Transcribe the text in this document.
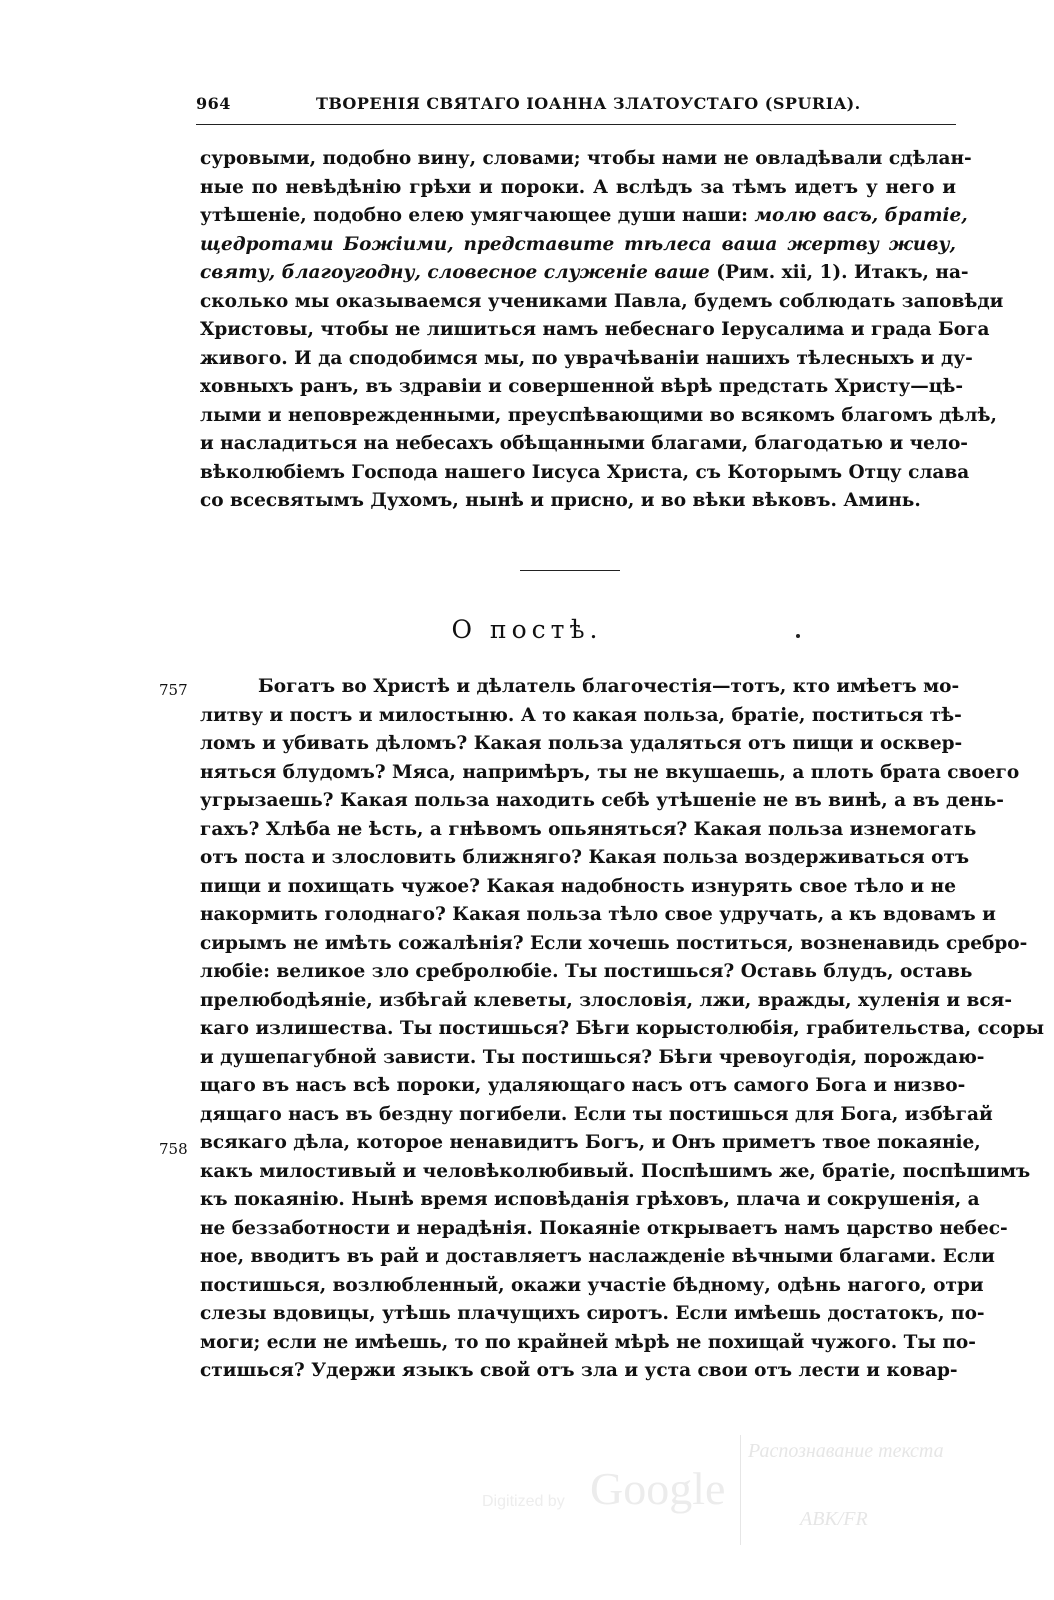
964	ТВОРЕНІЯ СВЯТАГО ІОАННА ЗЛАТОУСТАГО (SPURIA).
суровыми, подобно вину, словами; чтобы нами не овладѣвали сдѣлан-
ные по невѣдѣнію грѣхи и пороки. А вслѣдъ за тѣмъ идетъ у него и
утѣшеніе, подобно елею умягчающее души наши: молю васъ, братіе,
щедротами Божіими, представите тѣлеса ваша жертву живу,
святу, благоугодну, словесное служеніе ваше (Рим. xii, 1). Итакъ, на-
сколько мы оказываемся учениками Павла, будемъ соблюдать заповѣди
Христовы, чтобы не лишиться намъ небеснаго Іерусалима и града Бога
живого. И да сподобимся мы, по уврачѣваніи нашихъ тѣлесныхъ и ду-
ховныхъ ранъ, въ здравіи и совершенной вѣрѣ предстать Христу—цѣ-
лыми и неповрежденными, преуспѣвающими во всякомъ благомъ дѣлѣ,
и насладиться на небесахъ обѣщанными благами, благодатью и чело-
вѣколюбіемъ Господа нашего Іисуса Христа, съ Которымъ Отцу слава
со всесвятымъ Духомъ, нынѣ и присно, и во вѣки вѣковъ. Аминь.
О постѣ.
757
758
Богатъ во Христѣ и дѣлатель благочестія—тотъ, кто имѣетъ мо-
литву и постъ и милостыню. А то какая польза, братіе, поститься тѣ-
ломъ и убивать дѣломъ? Какая польза удаляться отъ пищи и осквер-
няться блудомъ? Мяса, напримѣръ, ты не вкушаешь, а плоть брата своего
угрызаешь? Какая польза находить себѣ утѣшеніе не въ винѣ, а въ день-
гахъ? Хлѣба не ѣсть, а гнѣвомъ опьяняться? Какая польза изнемогать
отъ поста и злословить ближняго? Какая польза воздерживаться отъ
пищи и похищать чужое? Какая надобность изнурять свое тѣло и не
накормить голоднаго? Какая польза тѣло свое удручать, а къ вдовамъ и
сирымъ не имѣть сожалѣнія? Если хочешь поститься, возненавидь сребро-
любіе: великое зло сребролюбіе. Ты постишься? Оставь блудъ, оставь
прелюбодѣяніе, избѣгай клеветы, злословія, лжи, вражды, хуленія и вся-
каго излишества. Ты постишься? Бѣги корыстолюбія, грабительства, ссоры
и душепагубной зависти. Ты постишься? Бѣги чревоугодія, порождаю-
щаго въ насъ всѣ пороки, удаляющаго насъ отъ самого Бога и низво-
дящаго насъ въ бездну погибели. Если ты постишься для Бога, избѣгай
всякаго дѣла, которое ненавидитъ Богъ, и Онъ приметъ твое покаяніе,
какъ милостивый и человѣколюбивый. Поспѣшимъ же, братіе, поспѣшимъ
къ покаянію. Нынѣ время исповѣданія грѣховъ, плача и сокрушенія, а
не беззаботности и нерадѣнія. Покаяніе открываетъ намъ царство небес-
ное, вводитъ въ рай и доставляетъ наслажденіе вѣчными благами. Если
постишься, возлюбленный, окажи участіе бѣдному, одѣнь нагого, отри
слезы вдовицы, утѣшь плачущихъ сиротъ. Если имѣешь достатокъ, по-
моги; если не имѣешь, то по крайней мѣрѣ не похищай чужого. Ты по-
стишься? Удержи языкъ свой отъ зла и уста свои отъ лести и ковар-
Digitized by Google
Распознавание текста
АВК/FR
